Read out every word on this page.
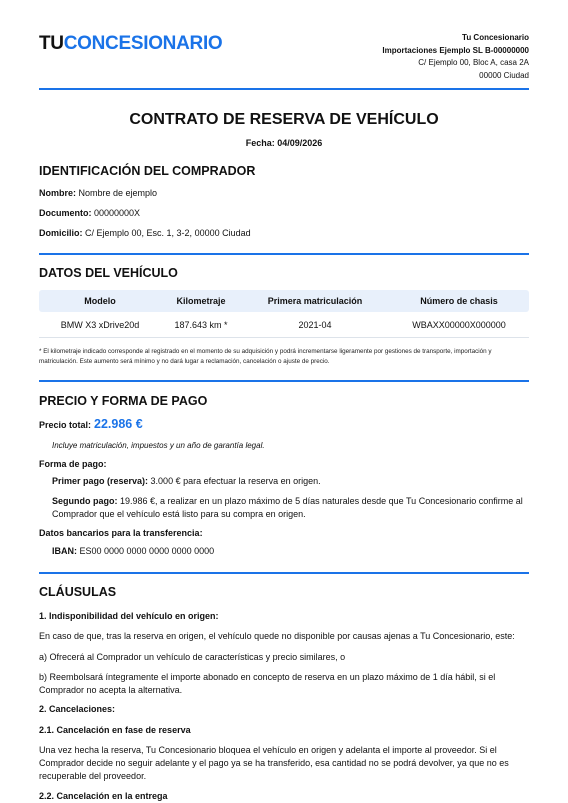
TUCONCESIONARIO	Tu Concesionario
Importaciones Ejemplo SL B-00000000
C/ Ejemplo 00, Bloc A, casa 2A
00000 Ciudad
CONTRATO DE RESERVA DE VEHÍCULO
Fecha: 04/09/2026
IDENTIFICACIÓN DEL COMPRADOR
Nombre: Nombre de ejemplo
Documento: 00000000X
Domicilio: C/ Ejemplo 00, Esc. 1, 3-2, 00000 Ciudad
DATOS DEL VEHÍCULO
Modelo	Kilometraje	Primera matriculación	Número de chasis
BMW X3 xDrive20d	187.643 km *	2021-04	WBAXX00000X000000
* El kilometraje indicado corresponde al registrado en el momento de su adquisición y podrá incrementarse ligeramente por gestiones de transporte, importación y matriculación. Este aumento será mínimo y no dará lugar a reclamación, cancelación o ajuste de precio.
PRECIO Y FORMA DE PAGO
Precio total: 22.986 €
Incluye matriculación, impuestos y un año de garantía legal.
Forma de pago:
Primer pago (reserva): 3.000 € para efectuar la reserva en origen.
Segundo pago: 19.986 €, a realizar en un plazo máximo de 5 días naturales desde que Tu Concesionario confirme al Comprador que el vehículo está listo para su compra en origen.
Datos bancarios para la transferencia:
IBAN: ES00 0000 0000 0000 0000 0000
CLÁUSULAS
1. Indisponibilidad del vehículo en origen:
En caso de que, tras la reserva en origen, el vehículo quede no disponible por causas ajenas a Tu Concesionario, este:
a) Ofrecerá al Comprador un vehículo de características y precio similares, o
b) Reembolsará íntegramente el importe abonado en concepto de reserva en un plazo máximo de 1 día hábil, si el Comprador no acepta la alternativa.
2. Cancelaciones:
2.1. Cancelación en fase de reserva
Una vez hecha la reserva, Tu Concesionario bloquea el vehículo en origen y adelanta el importe al proveedor. Si el Comprador decide no seguir adelante y el pago ya se ha transferido, esa cantidad no se podrá devolver, ya que no es recuperable del proveedor.
2.2. Cancelación en la entrega
